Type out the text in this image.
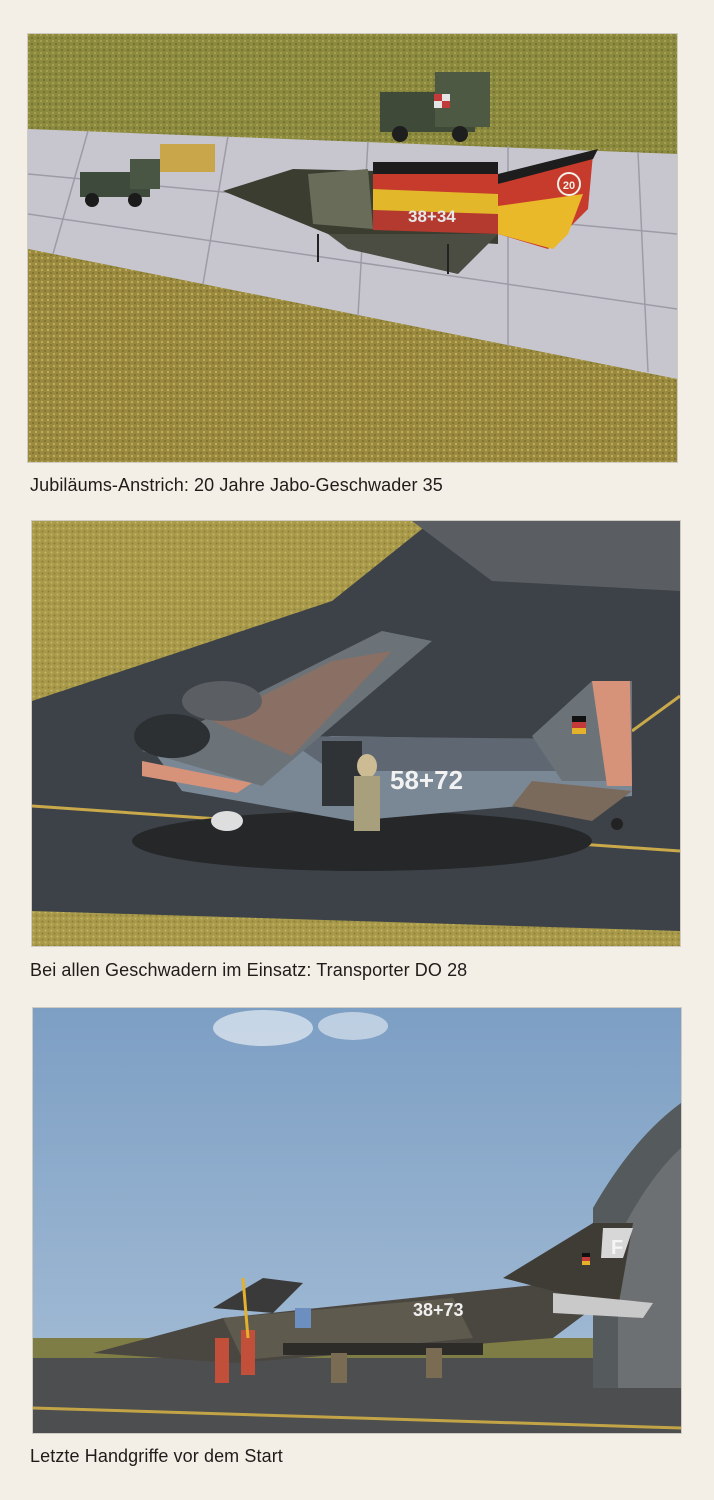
20
38+34
Jubiläums-Anstrich: 20 Jahre Jabo-Geschwader 35
58+72
Bei allen Geschwadern im Einsatz: Transporter DO 28
F
38+73
Letzte Handgriffe vor dem Start
